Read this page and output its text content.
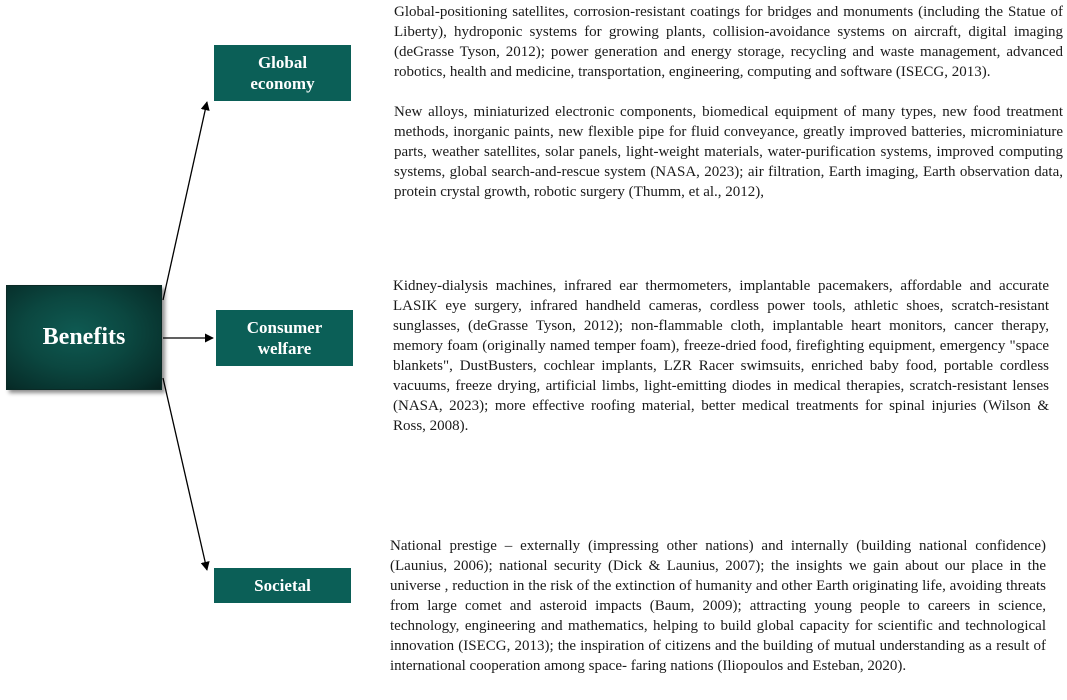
Benefits
Global
economy
Consumer
welfare
Societal

Global-positioning satellites, corrosion-resistant coatings for bridges and monuments (including the Statue of Liberty), hydroponic systems for growing plants, collision-avoidance systems on aircraft, digital imaging (deGrasse Tyson, 2012); power generation and energy storage, recycling and waste management, advanced robotics, health and medicine, transportation, engineering, computing and software (ISECG, 2013).

New alloys, miniaturized electronic components, biomedical equipment of many types, new food treatment methods, inorganic paints, new flexible pipe for fluid conveyance, greatly improved batteries, microminiature parts, weather satellites, solar panels, light-weight materials, water-purification systems, improved computing systems, global search-and-rescue system (NASA, 2023); air filtration, Earth imaging, Earth observation data, protein crystal growth, robotic surgery (Thumm, et al., 2012),

Kidney-dialysis machines, infrared ear thermometers, implantable pacemakers, affordable and accurate LASIK eye surgery, infrared handheld cameras, cordless power tools, athletic shoes, scratch-resistant sunglasses, (deGrasse Tyson, 2012); non-flammable cloth, implantable heart monitors, cancer therapy, memory foam (originally named temper foam), freeze-dried food, firefighting equipment, emergency "space blankets", DustBusters, cochlear implants, LZR Racer swimsuits, enriched baby food, portable cordless vacuums, freeze drying, artificial limbs, light-emitting diodes in medical therapies, scratch-resistant lenses (NASA, 2023); more effective roofing material, better medical treatments for spinal injuries (Wilson & Ross, 2008).

National prestige – externally (impressing other nations) and internally (building national confidence) (Launius, 2006); national security (Dick & Launius, 2007); the insights we gain about our place in the universe , reduction in the risk of the extinction of humanity and other Earth originating life, avoiding threats from large comet and asteroid impacts (Baum, 2009); attracting young people to careers in science, technology, engineering and mathematics, helping to build global capacity for scientific and technological innovation (ISECG, 2013); the inspiration of citizens and the building of mutual understanding as a result of international cooperation among space- faring nations (Iliopoulos and Esteban, 2020).
